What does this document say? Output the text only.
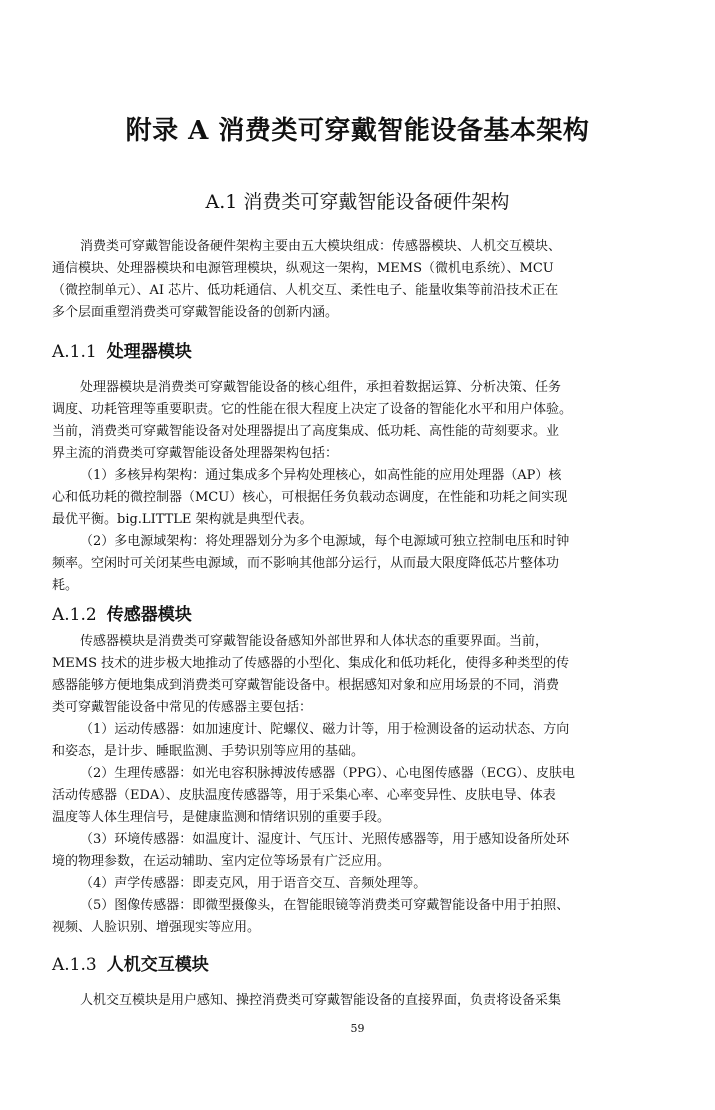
附录 A 消费类可穿戴智能设备基本架构
A.1 消费类可穿戴智能设备硬件架构
消费类可穿戴智能设备硬件架构主要由五大模块组成：传感器模块、人机交互模块、
通信模块、处理器模块和电源管理模块，纵观这一架构，MEMS（微机电系统）、MCU
（微控制单元）、AI 芯片、低功耗通信、人机交互、柔性电子、能量收集等前沿技术正在
多个层面重塑消费类可穿戴智能设备的创新内涵。
A.1.1 处理器模块
处理器模块是消费类可穿戴智能设备的核心组件，承担着数据运算、分析决策、任务
调度、功耗管理等重要职责。它的性能在很大程度上决定了设备的智能化水平和用户体验。
当前，消费类可穿戴智能设备对处理器提出了高度集成、低功耗、高性能的苛刻要求。业
界主流的消费类可穿戴智能设备处理器架构包括：
（1）多核异构架构：通过集成多个异构处理核心，如高性能的应用处理器（AP）核
心和低功耗的微控制器（MCU）核心，可根据任务负载动态调度，在性能和功耗之间实现
最优平衡。big.LITTLE 架构就是典型代表。
（2）多电源域架构：将处理器划分为多个电源域，每个电源域可独立控制电压和时钟
频率。空闲时可关闭某些电源域，而不影响其他部分运行，从而最大限度降低芯片整体功
耗。
A.1.2 传感器模块
传感器模块是消费类可穿戴智能设备感知外部世界和人体状态的重要界面。当前，
MEMS 技术的进步极大地推动了传感器的小型化、集成化和低功耗化，使得多种类型的传
感器能够方便地集成到消费类可穿戴智能设备中。根据感知对象和应用场景的不同，消费
类可穿戴智能设备中常见的传感器主要包括：
（1）运动传感器：如加速度计、陀螺仪、磁力计等，用于检测设备的运动状态、方向
和姿态，是计步、睡眠监测、手势识别等应用的基础。
（2）生理传感器：如光电容积脉搏波传感器（PPG）、心电图传感器（ECG）、皮肤电
活动传感器（EDA）、皮肤温度传感器等，用于采集心率、心率变异性、皮肤电导、体表
温度等人体生理信号，是健康监测和情绪识别的重要手段。
（3）环境传感器：如温度计、湿度计、气压计、光照传感器等，用于感知设备所处环
境的物理参数，在运动辅助、室内定位等场景有广泛应用。
（4）声学传感器：即麦克风，用于语音交互、音频处理等。
（5）图像传感器：即微型摄像头，在智能眼镜等消费类可穿戴智能设备中用于拍照、
视频、人脸识别、增强现实等应用。
A.1.3 人机交互模块
人机交互模块是用户感知、操控消费类可穿戴智能设备的直接界面，负责将设备采集
59
